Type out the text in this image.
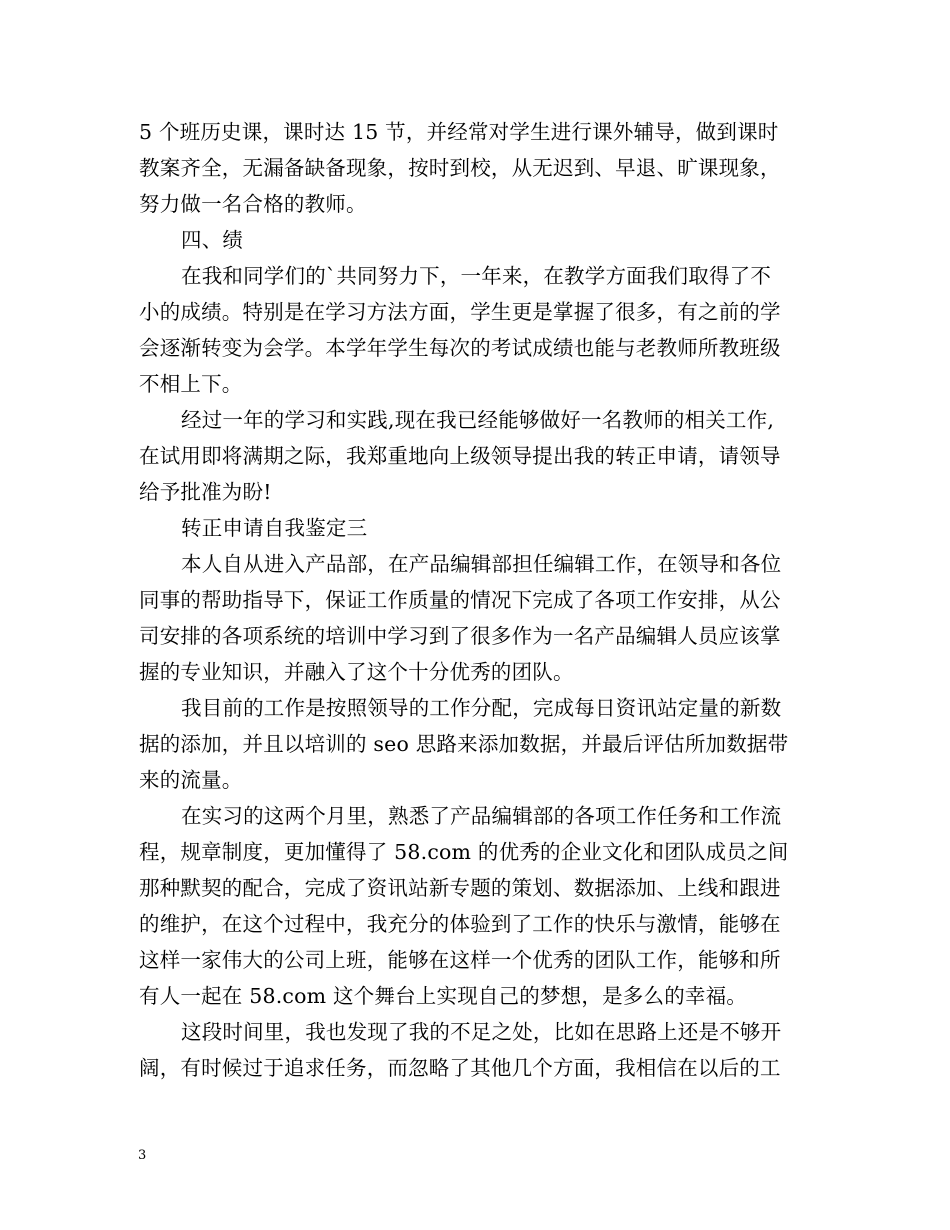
5 个班历史课，课时达 15 节，并经常对学生进行课外辅导，做到课时
教案齐全，无漏备缺备现象，按时到校，从无迟到、早退、旷课现象，
努力做一名合格的教师。
四、绩
在我和同学们的`共同努力下，一年来，在教学方面我们取得了不
小的成绩。特别是在学习方法方面，学生更是掌握了很多，有之前的学
会逐渐转变为会学。本学年学生每次的考试成绩也能与老教师所教班级
不相上下。
经过一年的学习和实践,现在我已经能够做好一名教师的相关工作,
在试用即将满期之际，我郑重地向上级领导提出我的转正申请，请领导
给予批准为盼!
转正申请自我鉴定三
本人自从进入产品部，在产品编辑部担任编辑工作，在领导和各位
同事的帮助指导下，保证工作质量的情况下完成了各项工作安排，从公
司安排的各项系统的培训中学习到了很多作为一名产品编辑人员应该掌
握的专业知识，并融入了这个十分优秀的团队。
我目前的工作是按照领导的工作分配，完成每日资讯站定量的新数
据的添加，并且以培训的 seo 思路来添加数据，并最后评估所加数据带
来的流量。
在实习的这两个月里，熟悉了产品编辑部的各项工作任务和工作流
程，规章制度，更加懂得了 58.com 的优秀的企业文化和团队成员之间
那种默契的配合，完成了资讯站新专题的策划、数据添加、上线和跟进
的维护，在这个过程中，我充分的体验到了工作的快乐与激情，能够在
这样一家伟大的公司上班，能够在这样一个优秀的团队工作，能够和所
有人一起在 58.com 这个舞台上实现自己的梦想，是多么的幸福。
这段时间里，我也发现了我的不足之处，比如在思路上还是不够开
阔，有时候过于追求任务，而忽略了其他几个方面，我相信在以后的工
3
